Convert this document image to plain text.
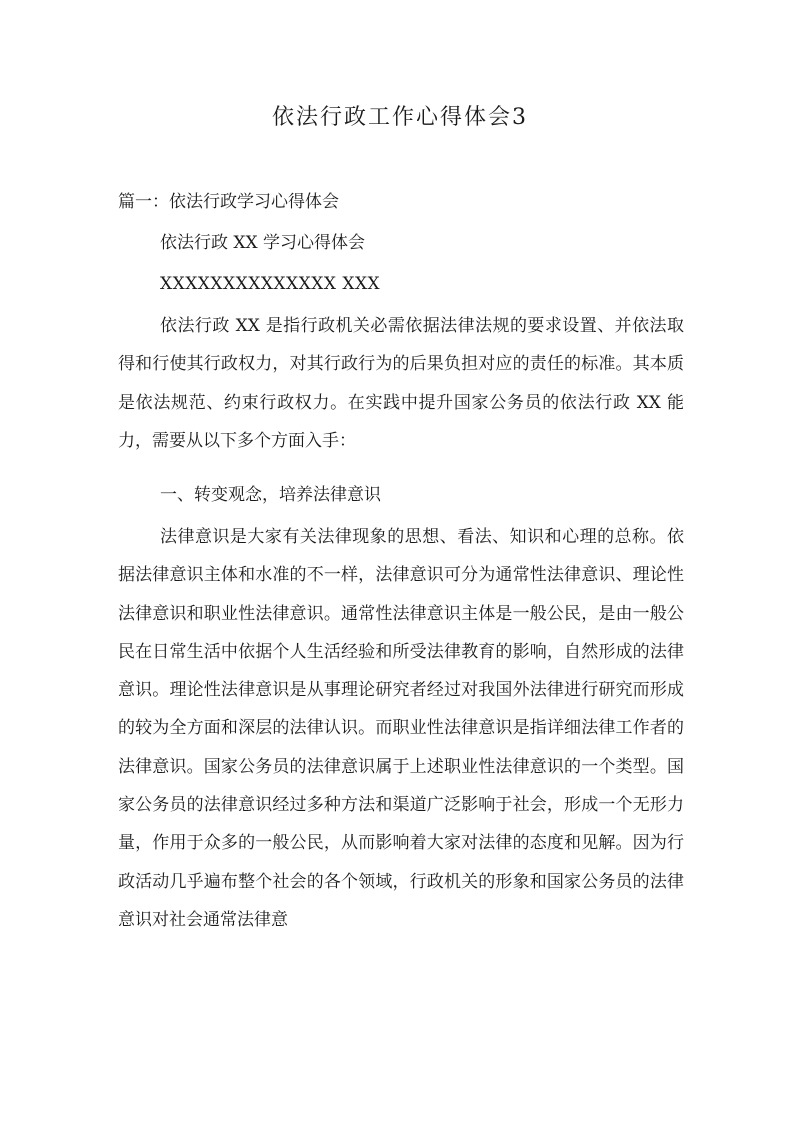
依法行政工作心得体会3
篇一：依法行政学习心得体会
依法行政 XX 学习心得体会
XXXXXXXXXXXXXX XXX

依法行政 XX 是指行政机关必需依据法律法规的要求设置、并依法取得和行使其行政权力，对其行政行为的后果负担对应的责任的标准。其本质是依法规范、约束行政权力。在实践中提升国家公务员的依法行政 XX 能力，需要从以下多个方面入手：

一、转变观念，培养法律意识

法律意识是大家有关法律现象的思想、看法、知识和心理的总称。依据法律意识主体和水准的不一样，法律意识可分为通常性法律意识、理论性法律意识和职业性法律意识。通常性法律意识主体是一般公民，是由一般公民在日常生活中依据个人生活经验和所受法律教育的影响，自然形成的法律意识。理论性法律意识是从事理论研究者经过对我国外法律进行研究而形成的较为全方面和深层的法律认识。而职业性法律意识是指详细法律工作者的法律意识。国家公务员的法律意识属于上述职业性法律意识的一个类型。国家公务员的法律意识经过多种方法和渠道广泛影响于社会，形成一个无形力量，作用于众多的一般公民，从而影响着大家对法律的态度和见解。因为行政活动几乎遍布整个社会的各个领域，行政机关的形象和国家公务员的法律意识对社会通常法律意
